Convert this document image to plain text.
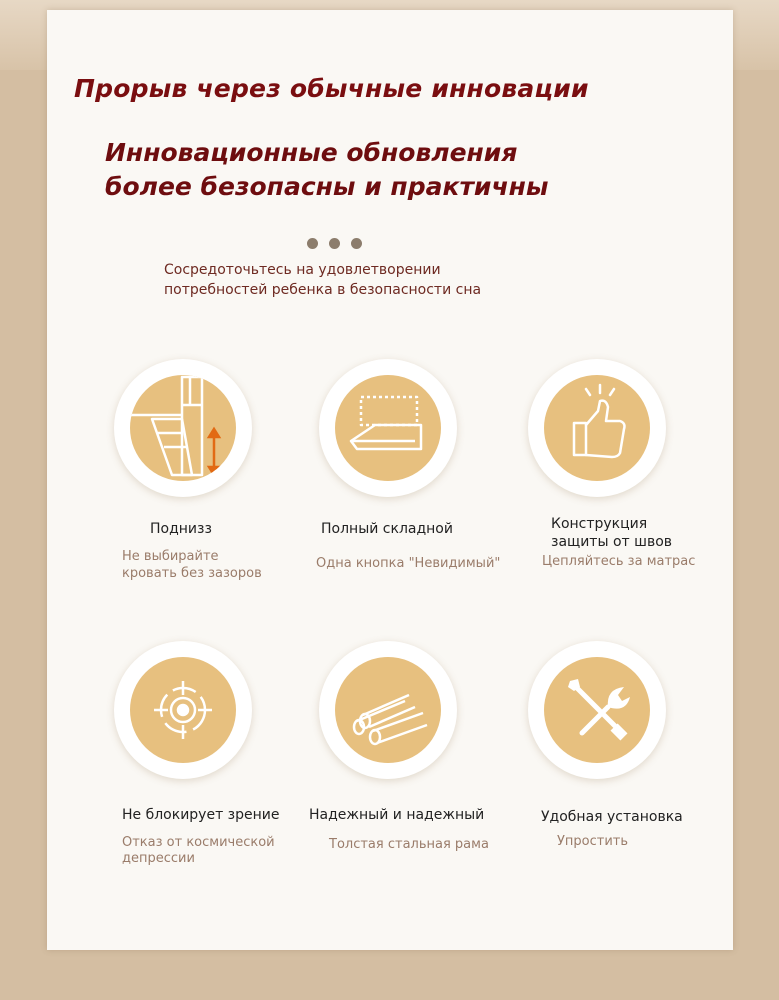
Прорыв через обычные инновации
Инновационные обновления
более безопасны и практичны
Сосредоточьтесь на удовлетворении
потребностей ребенка в безопасности сна
Поднизз
Не выбирайте
кровать без зазоров
Полный складной
Одна кнопка "Невидимый"
Конструкция
защиты от швов
Цепляйтесь за матрас
Не блокирует зрение
Отказ от космической
депрессии
Надежный и надежный
Толстая стальная рама
Удобная установка
Упростить
